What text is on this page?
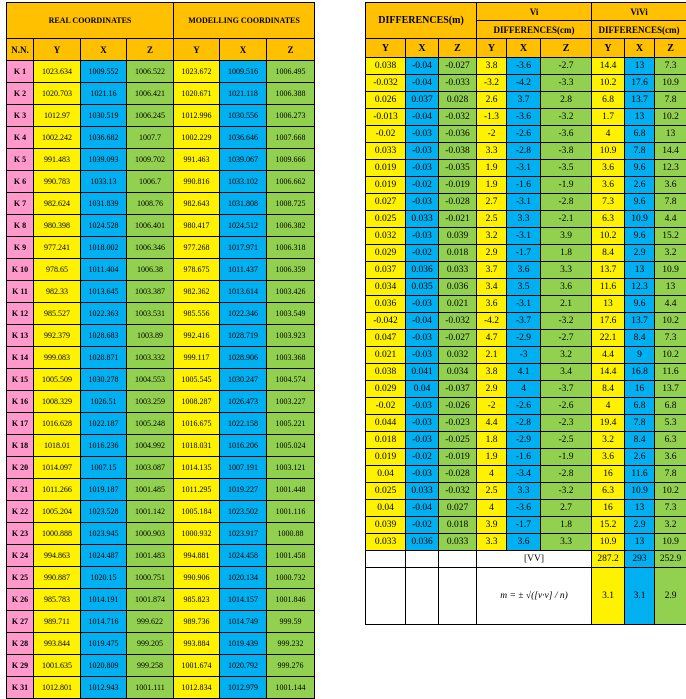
REAL COORDINATES				MODELLING COORDINATES		
N.N.	Y	X	Z	Y	X	Z
K 1	1023.634	1009.552	1006.522	1023.672	1009.516	1006.495
K 2	1020.703	1021.16	1006.421	1020.671	1021.118	1006.388
K 3	1012.97	1030.519	1006.245	1012.996	1030.556	1006.273
K 4	1002.242	1036.682	1007.7	1002.229	1036.646	1007.668
K 5	991.483	1039.093	1009.702	991.463	1039.067	1009.666
K 6	990.783	1033.13	1006.7	990.816	1033.102	1006.662
K 7	982.624	1031.839	1008.76	982.643	1031.808	1008.725
K 8	980.398	1024.528	1006.401	980.417	1024.512	1006.382
K 9	977.241	1018.002	1006.346	977.268	1017.971	1006.318
K 10	978.65	1011.404	1006.38	978.675	1011.437	1006.359
K 11	982.33	1013.645	1003.387	982.362	1013.614	1003.426
K 12	985.527	1022.363	1003.531	985.556	1022.346	1003.549
K 13	992.379	1028.683	1003.89	992.416	1028.719	1003.923
K 14	999.083	1028.871	1003.332	999.117	1028.906	1003.368
K 15	1005.509	1030.278	1004.553	1005.545	1030.247	1004.574
K 16	1008.329	1026.51	1003.259	1008.287	1026.473	1003.227
K 17	1016.628	1022.187	1005.248	1016.675	1022.158	1005.221
K 18	1018.01	1016.236	1004.992	1018.031	1016.206	1005.024
K 20	1014.097	1007.15	1003.087	1014.135	1007.191	1003.121
K 21	1011.266	1019.187	1001.485	1011.295	1019.227	1001.448
K 22	1005.204	1023.528	1001.142	1005.184	1023.502	1001.116
K 23	1000.888	1023.945	1000.903	1000.932	1023.917	1000.88
K 24	994.863	1024.487	1001.483	994.881	1024.458	1001.458
K 25	990.887	1020.15	1000.751	990.906	1020.134	1000.732
K 26	985.783	1014.191	1001.874	985.823	1014.157	1001.846
K 27	989.711	1014.716	999.622	989.736	1014.749	999.59
K 28	993.844	1019.475	999.205	993.884	1019.439	999.232
K 29	1001.635	1020.809	999.258	1001.674	1020.792	999.276
K 31	1012.801	1012.943	1001.111	1012.834	1012.979	1001.144
DIFFERENCES(m)			Vi			ViVi		
			DIFFERENCES(cm)			DIFFERENCES(cm)		
Y	X	Z	Y	X	Z	Y	X	Z
0.038	-0.04	-0.027	3.8	-3.6	-2.7	14.4	13	7.3
-0.032	-0.04	-0.033	-3.2	-4.2	-3.3	10.2	17.6	10.9
0.026	0.037	0.028	2.6	3.7	2.8	6.8	13.7	7.8
-0.013	-0.04	-0.032	-1.3	-3.6	-3.2	1.7	13	10.2
-0.02	-0.03	-0.036	-2	-2.6	-3.6	4	6.8	13
0.033	-0.03	-0.038	3.3	-2.8	-3.8	10.9	7.8	14.4
0.019	-0.03	-0.035	1.9	-3.1	-3.5	3.6	9.6	12.3
0.019	-0.02	-0.019	1.9	-1.6	-1.9	3.6	2.6	3.6
0.027	-0.03	-0.028	2.7	-3.1	-2.8	7.3	9.6	7.8
0.025	0.033	-0.021	2.5	3.3	-2.1	6.3	10.9	4.4
0.032	-0.03	0.039	3.2	-3.1	3.9	10.2	9.6	15.2
0.029	-0.02	0.018	2.9	-1.7	1.8	8.4	2.9	3.2
0.037	0.036	0.033	3.7	3.6	3.3	13.7	13	10.9
0.034	0.035	0.036	3.4	3.5	3.6	11.6	12.3	13
0.036	-0.03	0.021	3.6	-3.1	2.1	13	9.6	4.4
-0.042	-0.04	-0.032	-4.2	-3.7	-3.2	17.6	13.7	10.2
0.047	-0.03	-0.027	4.7	-2.9	-2.7	22.1	8.4	7.3
0.021	-0.03	0.032	2.1	-3	3.2	4.4	9	10.2
0.038	0.041	0.034	3.8	4.1	3.4	14.4	16.8	11.6
0.029	0.04	-0.037	2.9	4	-3.7	8.4	16	13.7
-0.02	-0.03	-0.026	-2	-2.6	-2.6	4	6.8	6.8
0.044	-0.03	-0.023	4.4	-2.8	-2.3	19.4	7.8	5.3
0.018	-0.03	-0.025	1.8	-2.9	-2.5	3.2	8.4	6.3
0.019	-0.02	-0.019	1.9	-1.6	-1.9	3.6	2.6	3.6
0.04	-0.03	-0.028	4	-3.4	-2.8	16	11.6	7.8
0.025	0.033	-0.032	2.5	3.3	-3.2	6.3	10.9	10.2
0.04	-0.04	0.027	4	-3.6	2.7	16	13	7.3
0.039	-0.02	0.018	3.9	-1.7	1.8	15.2	2.9	3.2
0.033	0.036	0.033	3.3	3.6	3.3	10.9	13	10.9
			[VV]			287.2	293	252.9
			m = ± √([v·v] / n)			3.1	3.1	2.9
